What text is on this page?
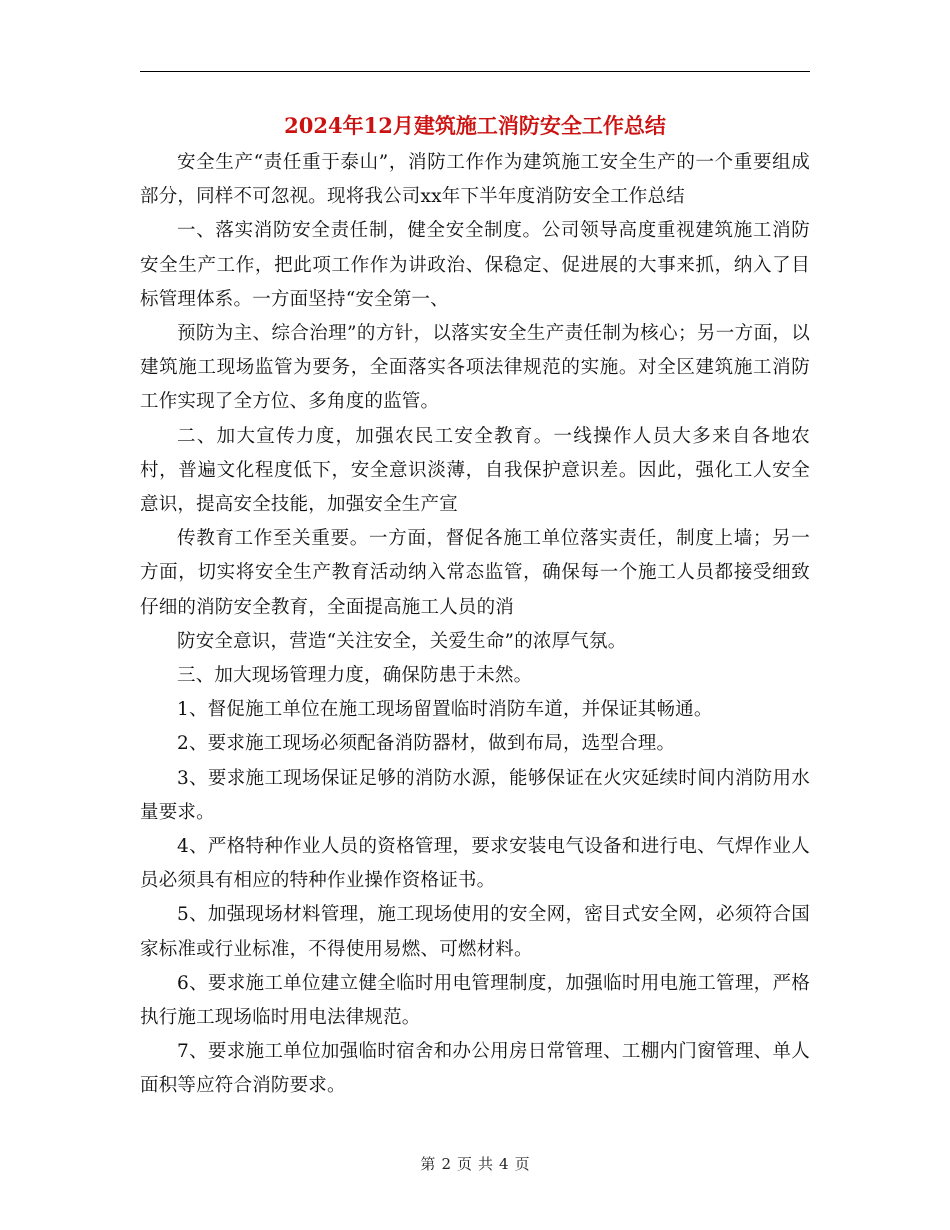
2024年12月建筑施工消防安全工作总结

安全生产“责任重于泰山”，消防工作作为建筑施工安全生产的一个重要组成部分，同样不可忽视。现将我公司xx年下半年度消防安全工作总结

一、落实消防安全责任制，健全安全制度。公司领导高度重视建筑施工消防安全生产工作，把此项工作作为讲政治、保稳定、促进展的大事来抓，纳入了目标管理体系。一方面坚持“安全第一、

预防为主、综合治理”的方针，以落实安全生产责任制为核心；另一方面，以建筑施工现场监管为要务，全面落实各项法律规范的实施。对全区建筑施工消防工作实现了全方位、多角度的监管。

二、加大宣传力度，加强农民工安全教育。一线操作人员大多来自各地农村，普遍文化程度低下，安全意识淡薄，自我保护意识差。因此，强化工人安全意识，提高安全技能，加强安全生产宣

传教育工作至关重要。一方面，督促各施工单位落实责任，制度上墙；另一方面，切实将安全生产教育活动纳入常态监管，确保每一个施工人员都接受细致仔细的消防安全教育，全面提高施工人员的消

防安全意识，营造“关注安全，关爱生命”的浓厚气氛。

三、加大现场管理力度，确保防患于未然。

1、督促施工单位在施工现场留置临时消防车道，并保证其畅通。

2、要求施工现场必须配备消防器材，做到布局，选型合理。

3、要求施工现场保证足够的消防水源，能够保证在火灾延续时间内消防用水量要求。

4、严格特种作业人员的资格管理，要求安装电气设备和进行电、气焊作业人员必须具有相应的特种作业操作资格证书。

5、加强现场材料管理，施工现场使用的安全网，密目式安全网，必须符合国家标准或行业标准，不得使用易燃、可燃材料。

6、要求施工单位建立健全临时用电管理制度，加强临时用电施工管理，严格执行施工现场临时用电法律规范。

7、要求施工单位加强临时宿舍和办公用房日常管理、工棚内门窗管理、单人面积等应符合消防要求。

第 2 页 共 4 页
